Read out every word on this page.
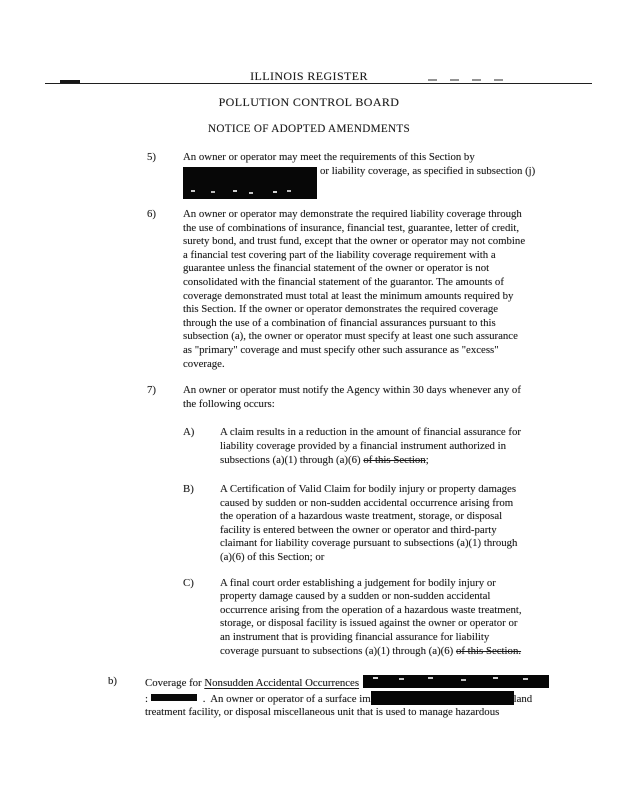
ILLINOIS REGISTER
POLLUTION CONTROL BOARD
NOTICE OF ADOPTED AMENDMENTS
5)	An owner or operator may meet the requirements of this Section by
or liability coverage, as specified in subsection (j)
6)	An owner or operator may demonstrate the required liability coverage through the use of combinations of insurance, financial test, guarantee, letter of credit, surety bond, and trust fund, except that the owner or operator may not combine a financial test covering part of the liability coverage requirement with a guarantee unless the financial statement of the owner or operator is not consolidated with the financial statement of the guarantor. The amounts of coverage demonstrated must total at least the minimum amounts required by this Section. If the owner or operator demonstrates the required coverage through the use of a combination of financial assurances pursuant to this subsection (a), the owner or operator must specify at least one such assurance as "primary" coverage and must specify other such assurance as "excess" coverage.
7)	An owner or operator must notify the Agency within 30 days whenever any of the following occurs:
A)	A claim results in a reduction in the amount of financial assurance for liability coverage provided by a financial instrument authorized in subsections (a)(1) through (a)(6) of this Section;
B)	A Certification of Valid Claim for bodily injury or property damages caused by sudden or non-sudden accidental occurrence arising from the operation of a hazardous waste treatment, storage, or disposal facility is entered between the owner or operator and third-party claimant for liability coverage pursuant to subsections (a)(1) through (a)(6) of this Section; or
C)	A final court order establishing a judgement for bodily injury or property damage caused by a sudden or non-sudden accidental occurrence arising from the operation of a hazardous waste treatment, storage, or disposal facility is issued against the owner or operator or an instrument that is providing financial assurance for liability coverage pursuant to subsections (a)(1) through (a)(6) of this Section.
b)	Coverage for Nonsudden Accidental Occurrences
:	.  An owner or operator of a surface im	land
treatment facility, or disposal miscellaneous unit that is used to manage hazardous
